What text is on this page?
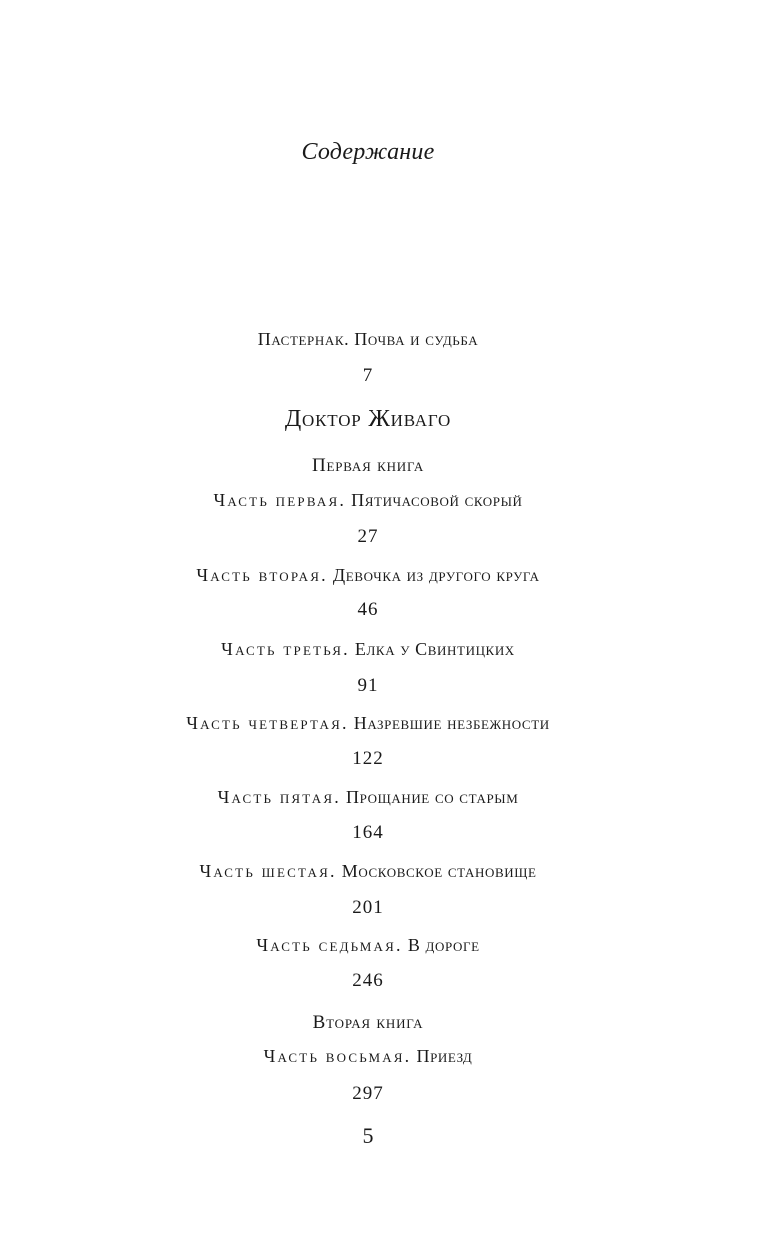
Содержание
Пастернак. Почва и судьба
7
Доктор Живаго
Первая книга
Часть первая. Пятичасовой скорый
27
Часть вторая. Девочка из другого круга
46
Часть третья. Елка у Свинтицких
91
Часть четвертая. Назревшие незбежности
122
Часть пятая. Прощание со старым
164
Часть шестая. Московское становище
201
Часть седьмая. В дороге
246
Вторая книга
Часть восьмая. Приезд
297
5
